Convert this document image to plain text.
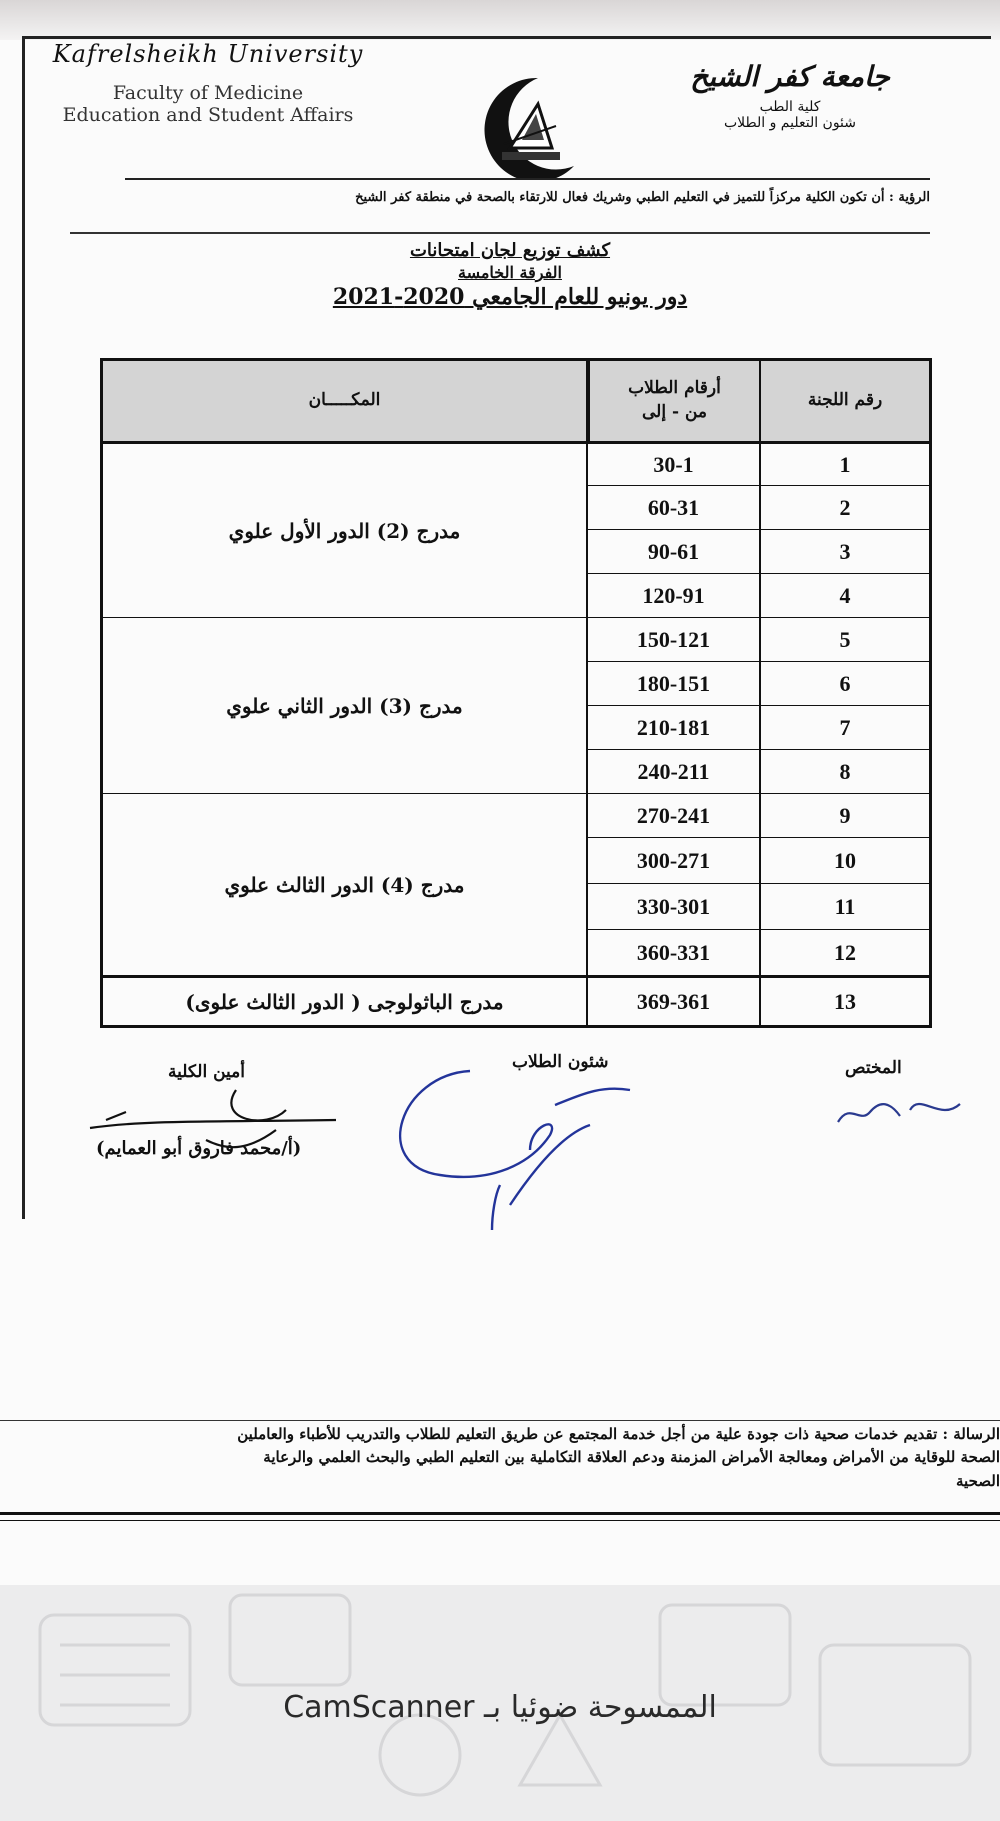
Kafrelsheikh University
Faculty of Medicine
Education and Student Affairs
جامعة كفر الشيخ
كلية الطب
شئون التعليم و الطلاب
الرؤية : أن تكون الكلية مركزاً للتميز في التعليم الطبي وشريك فعال للارتقاء بالصحة في منطقة كفر الشيخ
كشف توزيع لجان امتحانات
الفرقة الخامسة
دور يونيو للعام الجامعي 2020-2021
رقم اللجنة
أرقام الطلاب
من - إلى
المكـــــان
1
30-1
2
60-31
3
90-61
4
120-91
5
150-121
6
180-151
7
210-181
8
240-211
9
270-241
10
300-271
11
330-301
12
360-331
13
369-361
مدرج (2) الدور الأول علوي
مدرج (3) الدور الثاني علوي
مدرج (4) الدور الثالث علوي
مدرج الباثولوجى ( الدور الثالث علوى)
المختص
شئون الطلاب
أمين الكلية
(أ/محمد فاروق أبو العمايم)
الرسالة : تقديم خدمات صحية ذات جودة علية من أجل خدمة المجتمع عن طريق التعليم للطلاب والتدريب للأطباء والعاملين
الصحة للوقاية من الأمراض ومعالجة الأمراض المزمنة ودعم العلاقة التكاملية بين التعليم الطبي والبحث العلمي والرعاية
الصحية
الممسوحة ضوئيا بـ CamScanner
